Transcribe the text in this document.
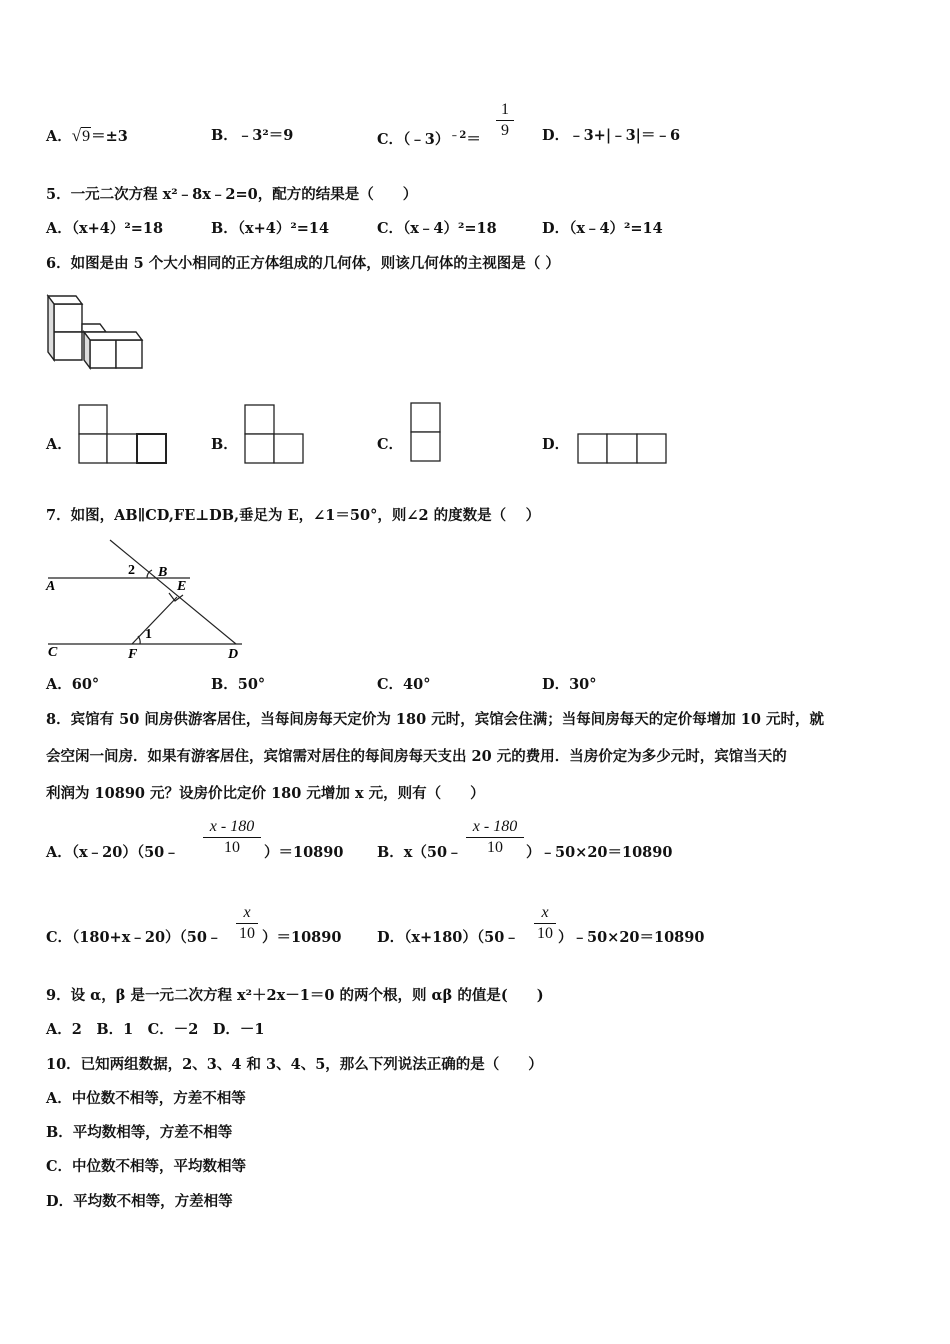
A．√9＝±3	B．﹣3²＝9	C．（﹣3）$^{﹣2}$＝
1
9	D．﹣3+|﹣3|＝﹣6
5．一元二次方程 x²﹣8x﹣2=0，配方的结果是（　　）
A．（x+4）²=18	B．（x+4）²=14	C．（x﹣4）²=18	D．（x﹣4）²=14
6．如图是由 5 个大小相同的正方体组成的几何体，则该几何体的主视图是（ ）
A．	B．	C．	D．
7．如图，AB∥CD,FE⊥DB,垂足为 E，∠1＝50°，则∠2 的度数是（　 ）
A
B
C	D
E
F
1
2
A．60°	B．50°	C．40°	D．30°
8．宾馆有 50 间房供游客居住，当每间房每天定价为 180 元时，宾馆会住满；当每间房每天的定价每增加 10 元时，就
会空闲一间房．如果有游客居住，宾馆需对居住的每间房每天支出 20 元的费用．当房价定为多少元时，宾馆当天的
利润为 10890 元？设房价比定价 180 元增加 x 元，则有（　　）
A．（x﹣20）（50﹣
x - 180
10	）＝10890 B．x（50﹣
x - 180
10	）﹣50×20＝10890
C．（180+x﹣20）（50﹣
x
10 ）＝10890 D．（x+180）（50﹣
x
10 ）﹣50×20＝10890
9．设 α，β 是一元二次方程 x²＋2x－1＝0 的两个根，则 αβ 的值是(　　)
A．2　B．1　C．－2　D．－1
10．已知两组数据，2、3、4 和 3、4、5，那么下列说法正确的是（　　）
A．中位数不相等，方差不相等
B．平均数相等，方差不相等
C．中位数不相等，平均数相等
D．平均数不相等，方差相等
